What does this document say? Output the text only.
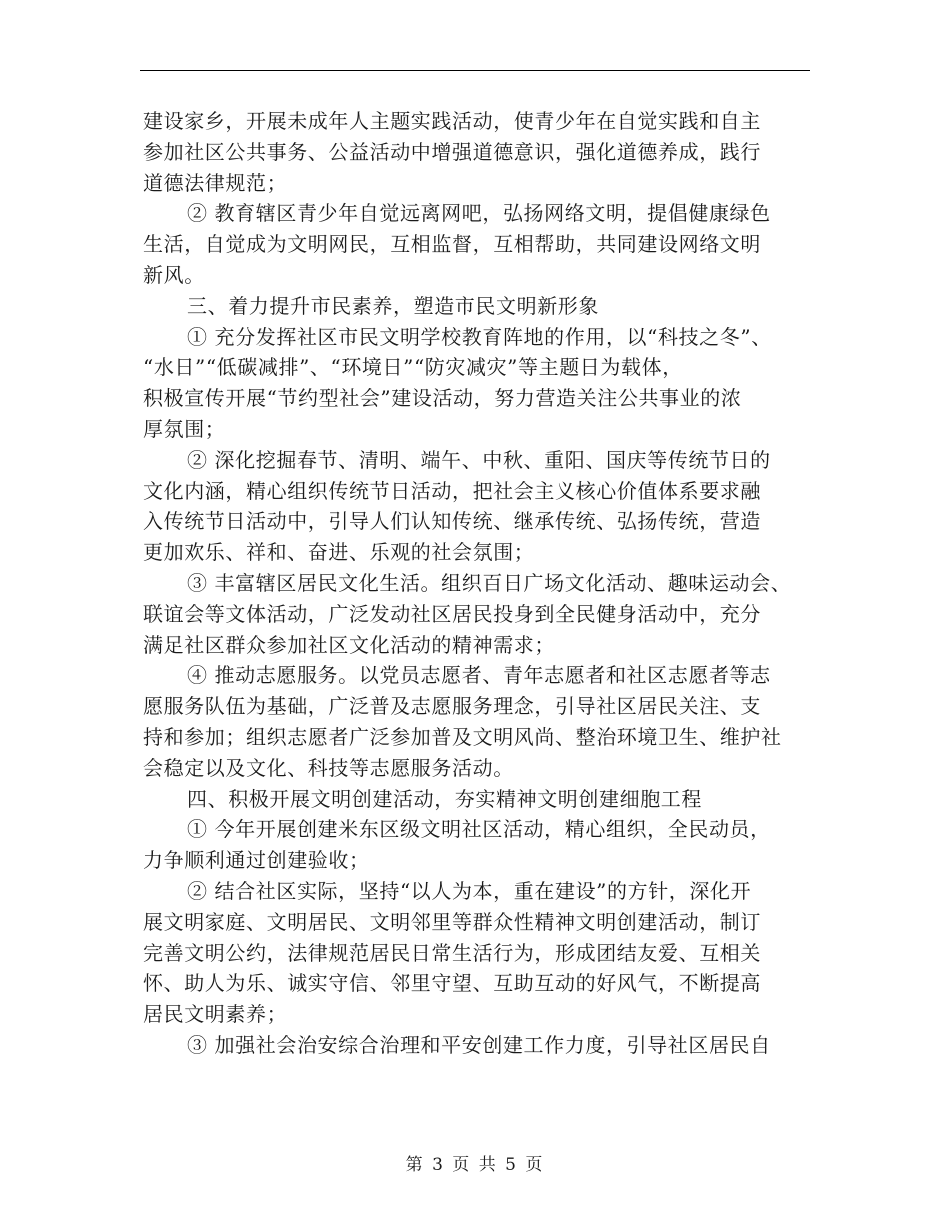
建设家乡，开展未成年人主题实践活动，使青少年在自觉实践和自主
参加社区公共事务、公益活动中增强道德意识，强化道德养成，践行
道德法律规范；
② 教育辖区青少年自觉远离网吧，弘扬网络文明，提倡健康绿色
生活，自觉成为文明网民，互相监督，互相帮助，共同建设网络文明
新风。
三、着力提升市民素养，塑造市民文明新形象
① 充分发挥社区市民文明学校教育阵地的作用，以“科技之冬”、
“水日”“低碳减排”、“环境日”“防灾减灾”等主题日为载体，
积极宣传开展“节约型社会”建设活动，努力营造关注公共事业的浓
厚氛围；
② 深化挖掘春节、清明、端午、中秋、重阳、国庆等传统节日的
文化内涵，精心组织传统节日活动，把社会主义核心价值体系要求融
入传统节日活动中，引导人们认知传统、继承传统、弘扬传统，营造
更加欢乐、祥和、奋进、乐观的社会氛围；
③ 丰富辖区居民文化生活。组织百日广场文化活动、趣味运动会、
联谊会等文体活动，广泛发动社区居民投身到全民健身活动中，充分
满足社区群众参加社区文化活动的精神需求；
④ 推动志愿服务。以党员志愿者、青年志愿者和社区志愿者等志
愿服务队伍为基础，广泛普及志愿服务理念，引导社区居民关注、支
持和参加；组织志愿者广泛参加普及文明风尚、整治环境卫生、维护社
会稳定以及文化、科技等志愿服务活动。
四、积极开展文明创建活动，夯实精神文明创建细胞工程
① 今年开展创建米东区级文明社区活动，精心组织，全民动员，
力争顺利通过创建验收；
② 结合社区实际，坚持“以人为本，重在建设”的方针，深化开
展文明家庭、文明居民、文明邻里等群众性精神文明创建活动，制订
完善文明公约，法律规范居民日常生活行为，形成团结友爱、互相关
怀、助人为乐、诚实守信、邻里守望、互助互动的好风气，不断提高
居民文明素养；
③ 加强社会治安综合治理和平安创建工作力度，引导社区居民自
第 3 页 共 5 页
